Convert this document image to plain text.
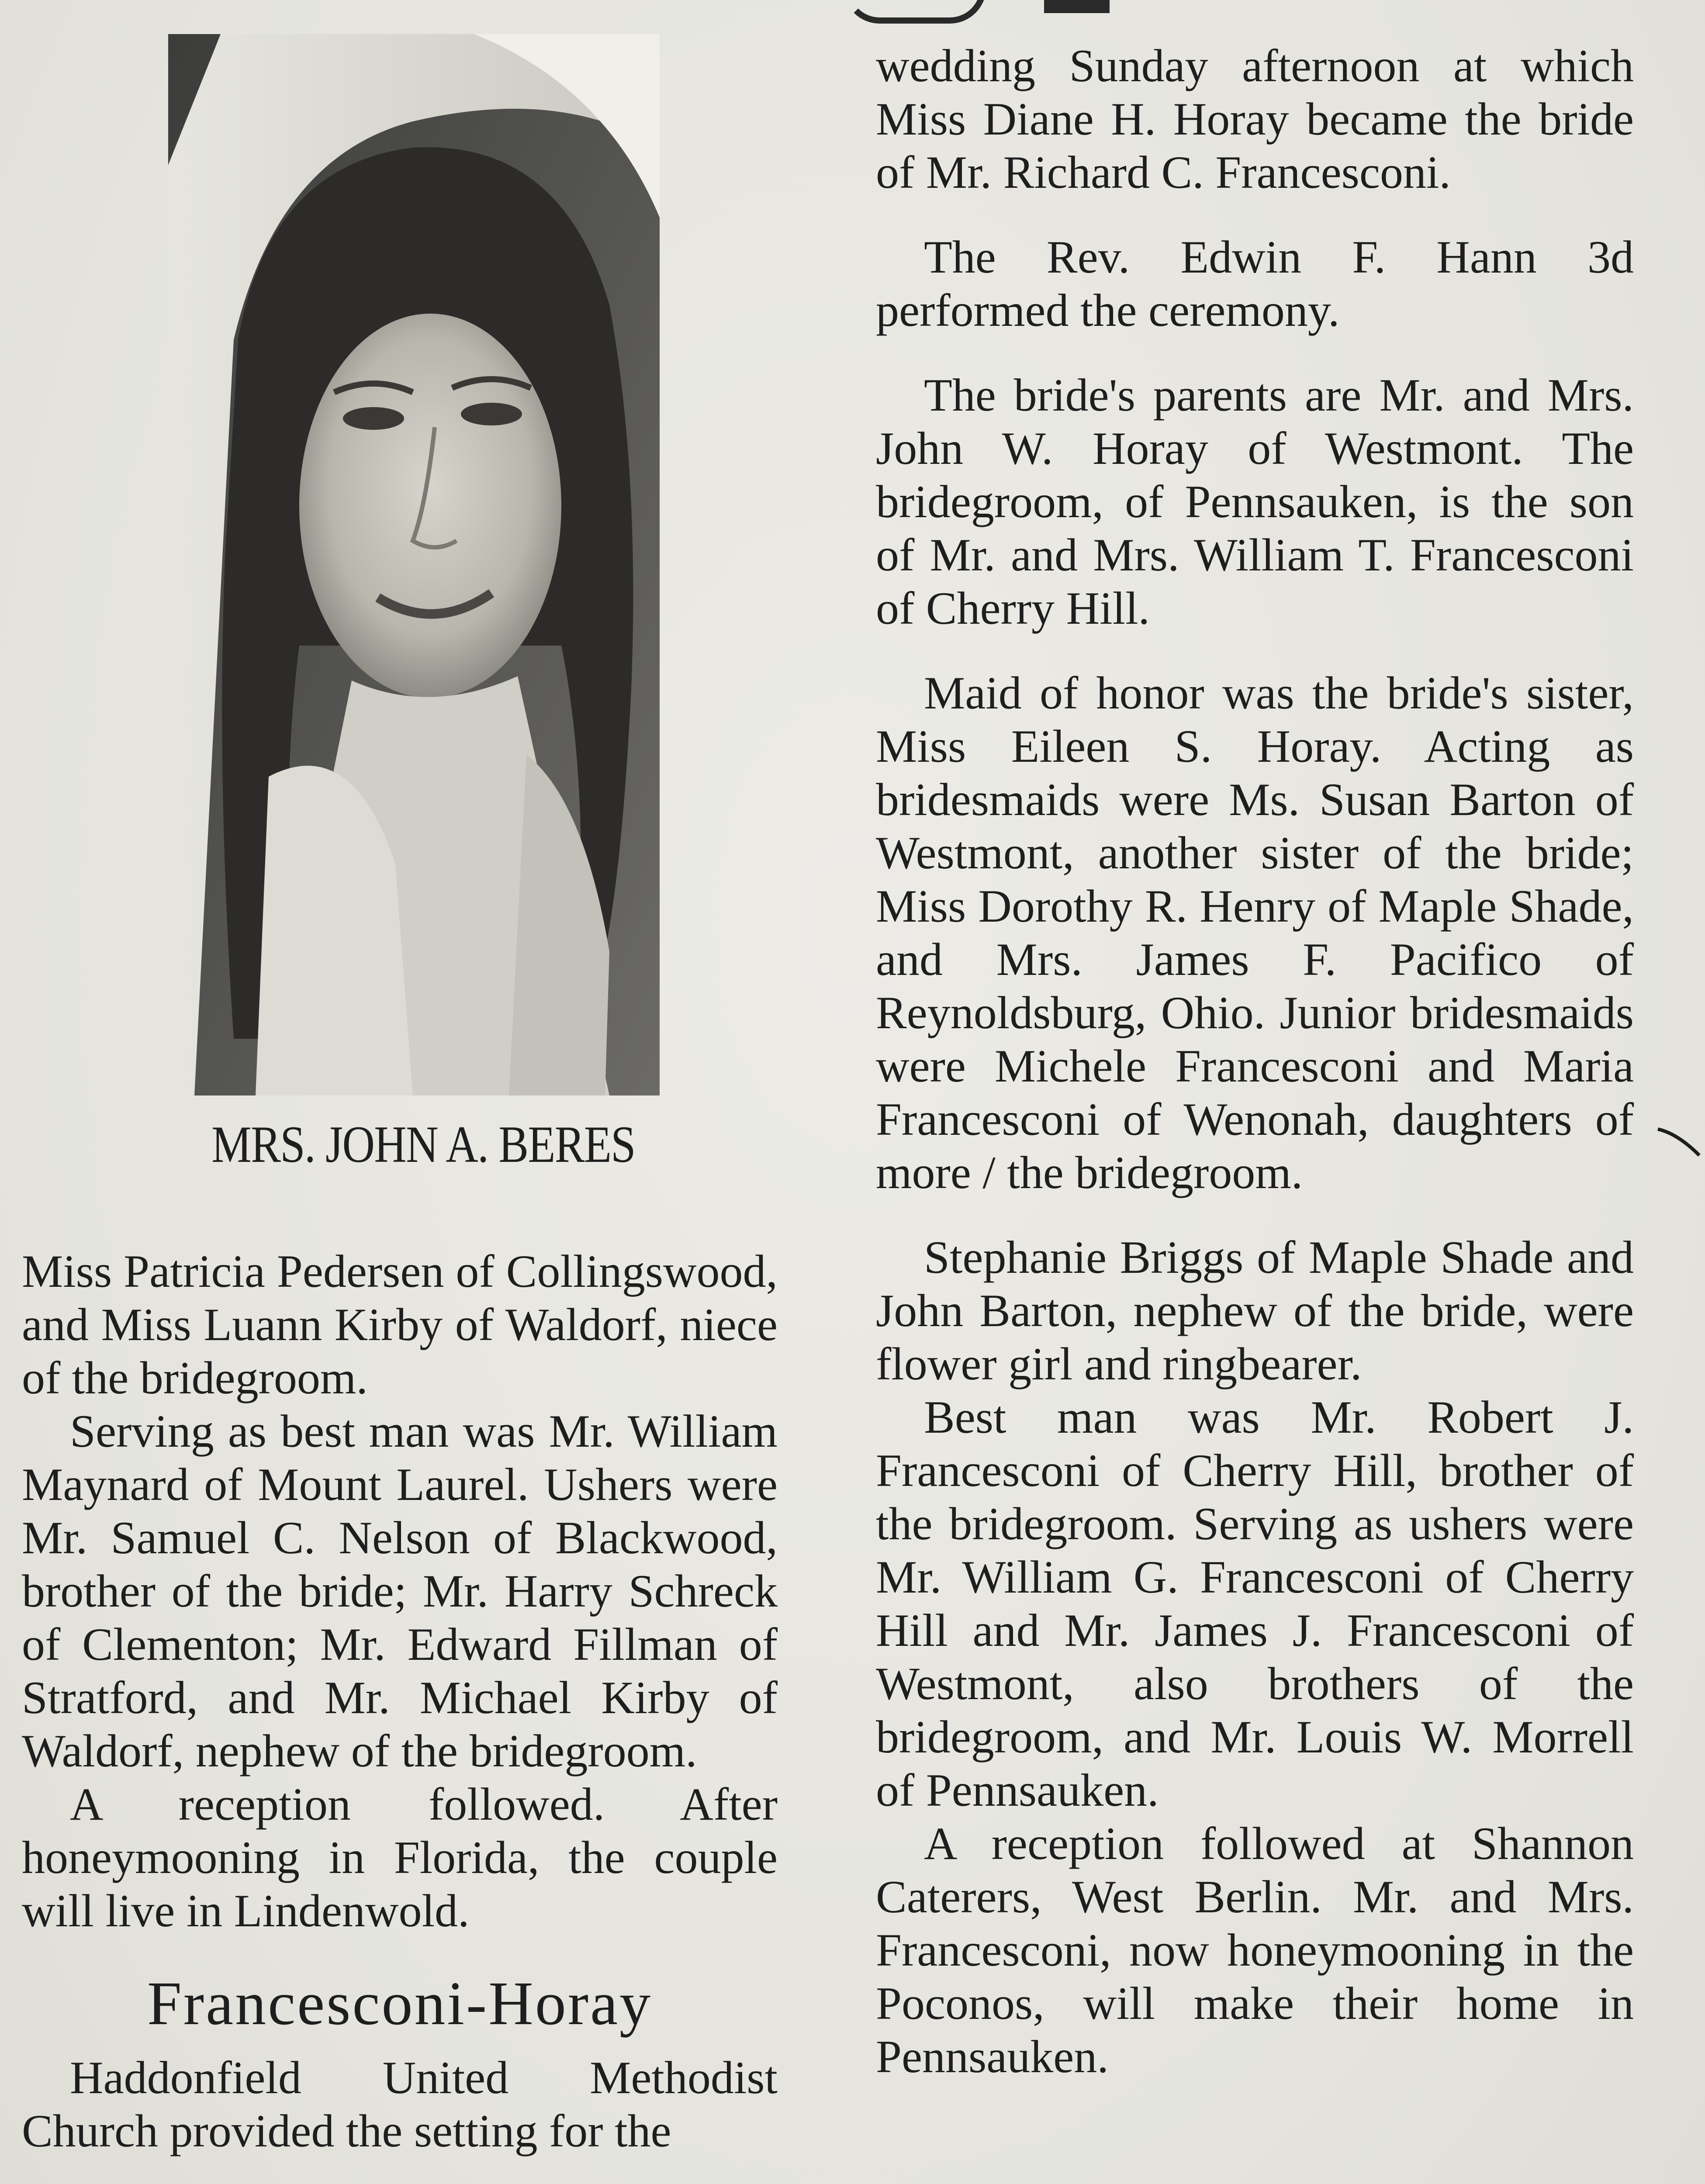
MRS. JOHN A. BERES

Miss Patricia Pedersen of Collingswood, and Miss Luann Kirby of Waldorf, niece of the bridegroom.

Serving as best man was Mr. William Maynard of Mount Laurel. Ushers were Mr. Samuel C. Nelson of Blackwood, brother of the bride; Mr. Harry Schreck of Clementon; Mr. Edward Fillman of Stratford, and Mr. Michael Kirby of Waldorf, nephew of the bridegroom.

A reception followed. After honeymooning in Florida, the couple will live in Lindenwold.

Francesconi-Horay

Haddonfield United Methodist Church provided the setting for the

wedding Sunday afternoon at which Miss Diane H. Horay became the bride of Mr. Richard C. Francesconi.

The Rev. Edwin F. Hann 3d performed the ceremony.

The bride's parents are Mr. and Mrs. John W. Horay of Westmont. The bridegroom, of Pennsauken, is the son of Mr. and Mrs. William T. Francesconi of Cherry Hill.

Maid of honor was the bride's sister, Miss Eileen S. Horay. Acting as bridesmaids were Ms. Susan Barton of Westmont, another sister of the bride; Miss Dorothy R. Henry of Maple Shade, and Mrs. James F. Pacifico of Reynoldsburg, Ohio. Junior bridesmaids were Michele Francesconi and Maria Francesconi of Wenonah, daughters of more / the bridegroom.

Stephanie Briggs of Maple Shade and John Barton, nephew of the bride, were flower girl and ringbearer.

Best man was Mr. Robert J. Francesconi of Cherry Hill, brother of the bridegroom. Serving as ushers were Mr. William G. Francesconi of Cherry Hill and Mr. James J. Francesconi of Westmont, also brothers of the bridegroom, and Mr. Louis W. Morrell of Pennsauken.

A reception followed at Shannon Caterers, West Berlin. Mr. and Mrs. Francesconi, now honeymooning in the Poconos, will make their home in Pennsauken.
